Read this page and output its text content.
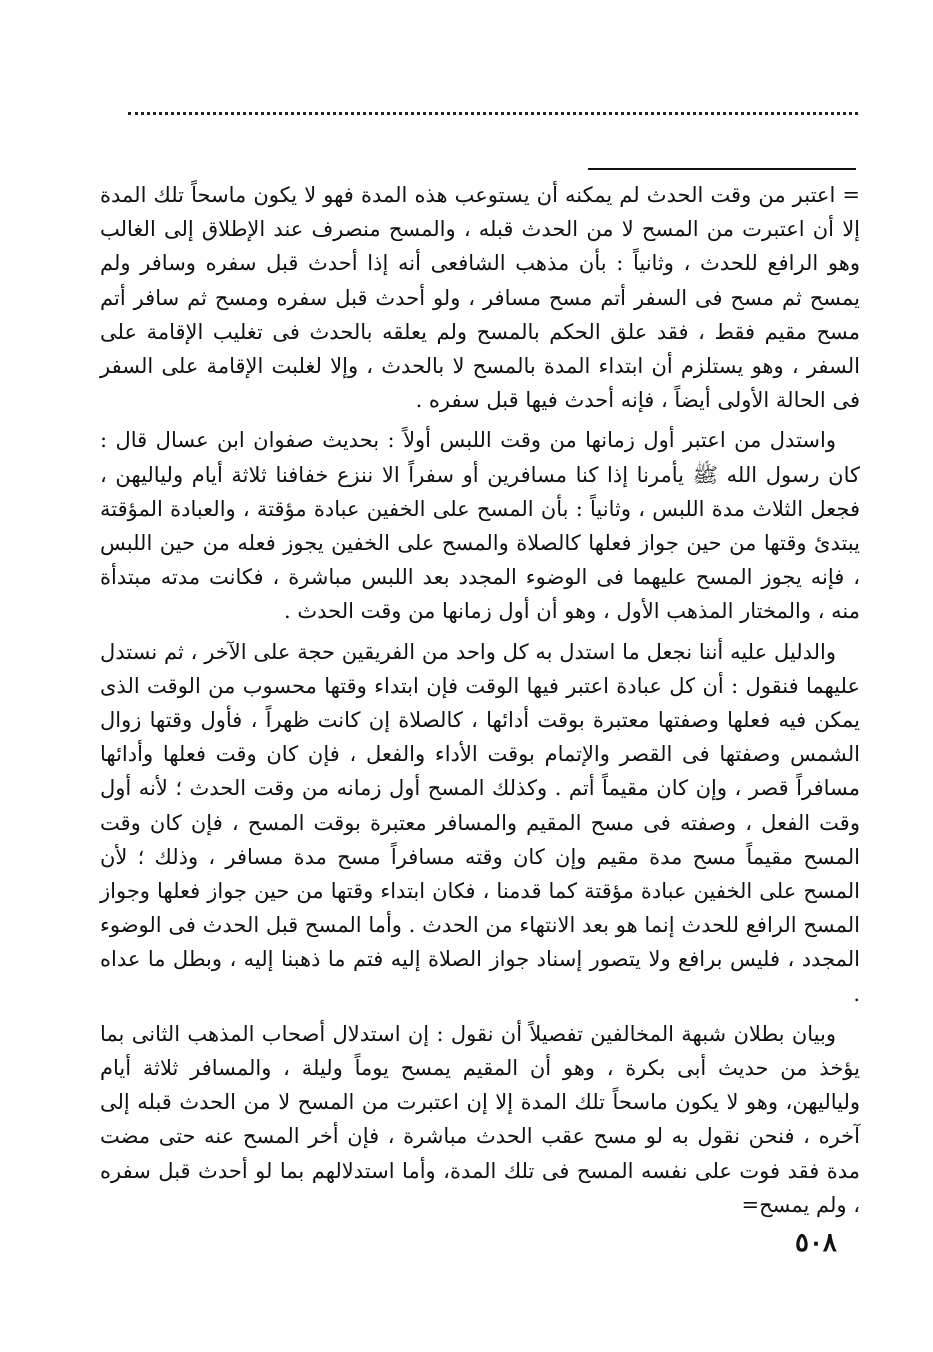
= اعتبر من وقت الحدث لم يمكنه أن يستوعب هذه المدة فهو لا يكون ماسحاً تلك المدة إلا أن اعتبرت من المسح لا من الحدث قبله ، والمسح منصرف عند الإطلاق إلى الغالب وهو الرافع للحدث ، وثانياً : بأن مذهب الشافعى أنه إذا أحدث قبل سفره وسافر ولم يمسح ثم مسح فى السفر أتم مسح مسافر ، ولو أحدث قبل سفره ومسح ثم سافر أتم مسح مقيم فقط ، فقد علق الحكم بالمسح ولم يعلقه بالحدث فى تغليب الإقامة على السفر ، وهو يستلزم أن ابتداء المدة بالمسح لا بالحدث ، وإلا لغلبت الإقامة على السفر فى الحالة الأولى أيضاً ، فإنه أحدث فيها قبل سفره .

واستدل من اعتبر أول زمانها من وقت اللبس أولاً : بحديث صفوان ابن عسال قال : كان رسول الله ﷺ يأمرنا إذا كنا مسافرين أو سفراً الا ننزع خفافنا ثلاثة أيام ولياليهن ، فجعل الثلاث مدة اللبس ، وثانياً : بأن المسح على الخفين عبادة مؤقتة ، والعبادة المؤقتة يبتدئ وقتها من حين جواز فعلها كالصلاة والمسح على الخفين يجوز فعله من حين اللبس ، فإنه يجوز المسح عليهما فى الوضوء المجدد بعد اللبس مباشرة ، فكانت مدته مبتدأة منه ، والمختار المذهب الأول ، وهو أن أول زمانها من وقت الحدث .

والدليل عليه أننا نجعل ما استدل به كل واحد من الفريقين حجة على الآخر ، ثم نستدل عليهما فنقول : أن كل عبادة اعتبر فيها الوقت فإن ابتداء وقتها محسوب من الوقت الذى يمكن فيه فعلها وصفتها معتبرة بوقت أدائها ، كالصلاة إن كانت ظهراً ، فأول وقتها زوال الشمس وصفتها فى القصر والإتمام بوقت الأداء والفعل ، فإن كان وقت فعلها وأدائها مسافراً قصر ، وإن كان مقيماً أتم . وكذلك المسح أول زمانه من وقت الحدث ؛ لأنه أول وقت الفعل ، وصفته فى مسح المقيم والمسافر معتبرة بوقت المسح ، فإن كان وقت المسح مقيماً مسح مدة مقيم وإن كان وقته مسافراً مسح مدة مسافر ، وذلك ؛ لأن المسح على الخفين عبادة مؤقتة كما قدمنا ، فكان ابتداء وقتها من حين جواز فعلها وجواز المسح الرافع للحدث إنما هو بعد الانتهاء من الحدث . وأما المسح قبل الحدث فى الوضوء المجدد ، فليس برافع ولا يتصور إسناد جواز الصلاة إليه فتم ما ذهبنا إليه ، وبطل ما عداه .

وبيان بطلان شبهة المخالفين تفصيلاً أن نقول : إن استدلال أصحاب المذهب الثانى بما يؤخذ من حديث أبى بكرة ، وهو أن المقيم يمسح يوماً وليلة ، والمسافر ثلاثة أيام ولياليهن، وهو لا يكون ماسحاً تلك المدة إلا إن اعتبرت من المسح لا من الحدث قبله إلى آخره ، فنحن نقول به لو مسح عقب الحدث مباشرة ، فإن أخر المسح عنه حتى مضت مدة فقد فوت على نفسه المسح فى تلك المدة، وأما استدلالهم بما لو أحدث قبل سفره ، ولم يمسح=

٥٠٨
